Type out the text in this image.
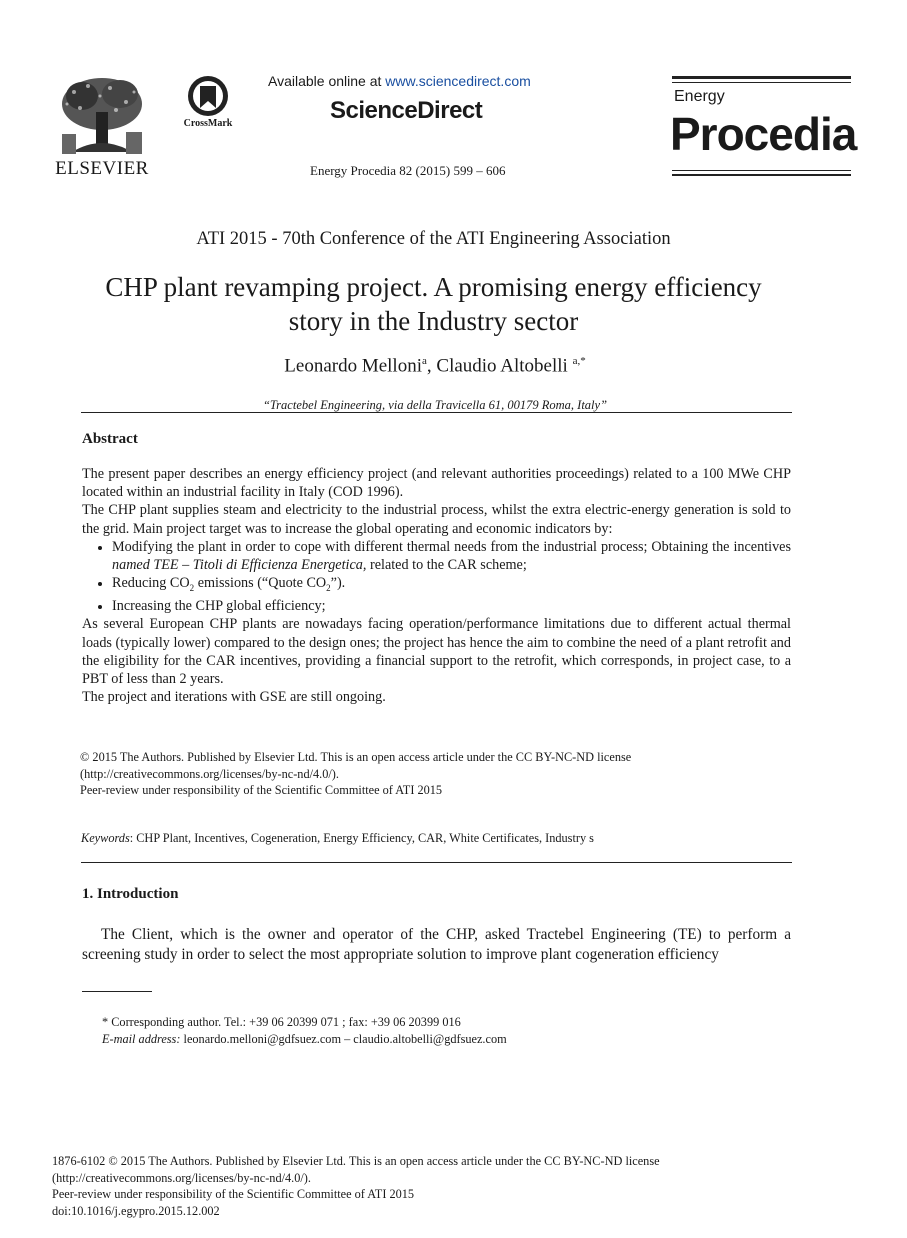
ELSEVIER
CrossMark
Available online at www.sciencedirect.com
ScienceDirect
Energy Procedia 82 (2015) 599 – 606
Energy
Procedia
ATI 2015 - 70th Conference of the ATI Engineering Association
CHP plant revamping project. A promising energy efficiency
story in the Industry sector
Leonardo Melloni$^a$, Claudio Altobelli $^{a,*}$
“Tractebel Engineering, via della Travicella 61, 00179 Roma, Italy”
Abstract

The present paper describes an energy efficiency project (and relevant authorities proceedings) related to a 100 MWe CHP located within an industrial facility in Italy (COD 1996).

The CHP plant supplies steam and electricity to the industrial process, whilst the extra electric-energy generation is sold to the grid. Main project target was to increase the global operating and economic indicators by:

• Modifying the plant in order to cope with different thermal needs from the industrial process; Obtaining the incentives named TEE – Titoli di Efficienza Energetica, related to the CAR scheme;
• Reducing $CO_2$ emissions (“Quote $CO_2$”).
• Increasing the CHP global efficiency;

As several European CHP plants are nowadays facing operation/performance limitations due to different actual thermal loads (typically lower) compared to the design ones; the project has hence the aim to combine the need of a plant retrofit and the eligibility for the CAR incentives, providing a financial support to the retrofit, which corresponds, in project case, to a PBT of less than 2 years.

The project and iterations with GSE are still ongoing.

© 2015 The Authors. Published by Elsevier Ltd. This is an open access article under the CC BY-NC-ND license

(http://creativecommons.org/licenses/by-nc-nd/4.0/).

Peer-review under responsibility of the Scientific Committee of ATI 2015

Keywords: CHP Plant, Incentives, Cogeneration, Energy Efficiency, CAR, White Certificates, Industry s
1. Introduction

The Client, which is the owner and operator of the CHP, asked Tractebel Engineering (TE) to perform a screening study in order to select the most appropriate solution to improve plant cogeneration efficiency

* Corresponding author. Tel.: +39 06 20399 071 ; fax: +39 06 20399 016

E-mail address: leonardo.melloni@gdfsuez.com – claudio.altobelli@gdfsuez.com

1876-6102 © 2015 The Authors. Published by Elsevier Ltd. This is an open access article under the CC BY-NC-ND license

(http://creativecommons.org/licenses/by-nc-nd/4.0/).

Peer-review under responsibility of the Scientific Committee of ATI 2015

doi:10.1016/j.egypro.2015.12.002
